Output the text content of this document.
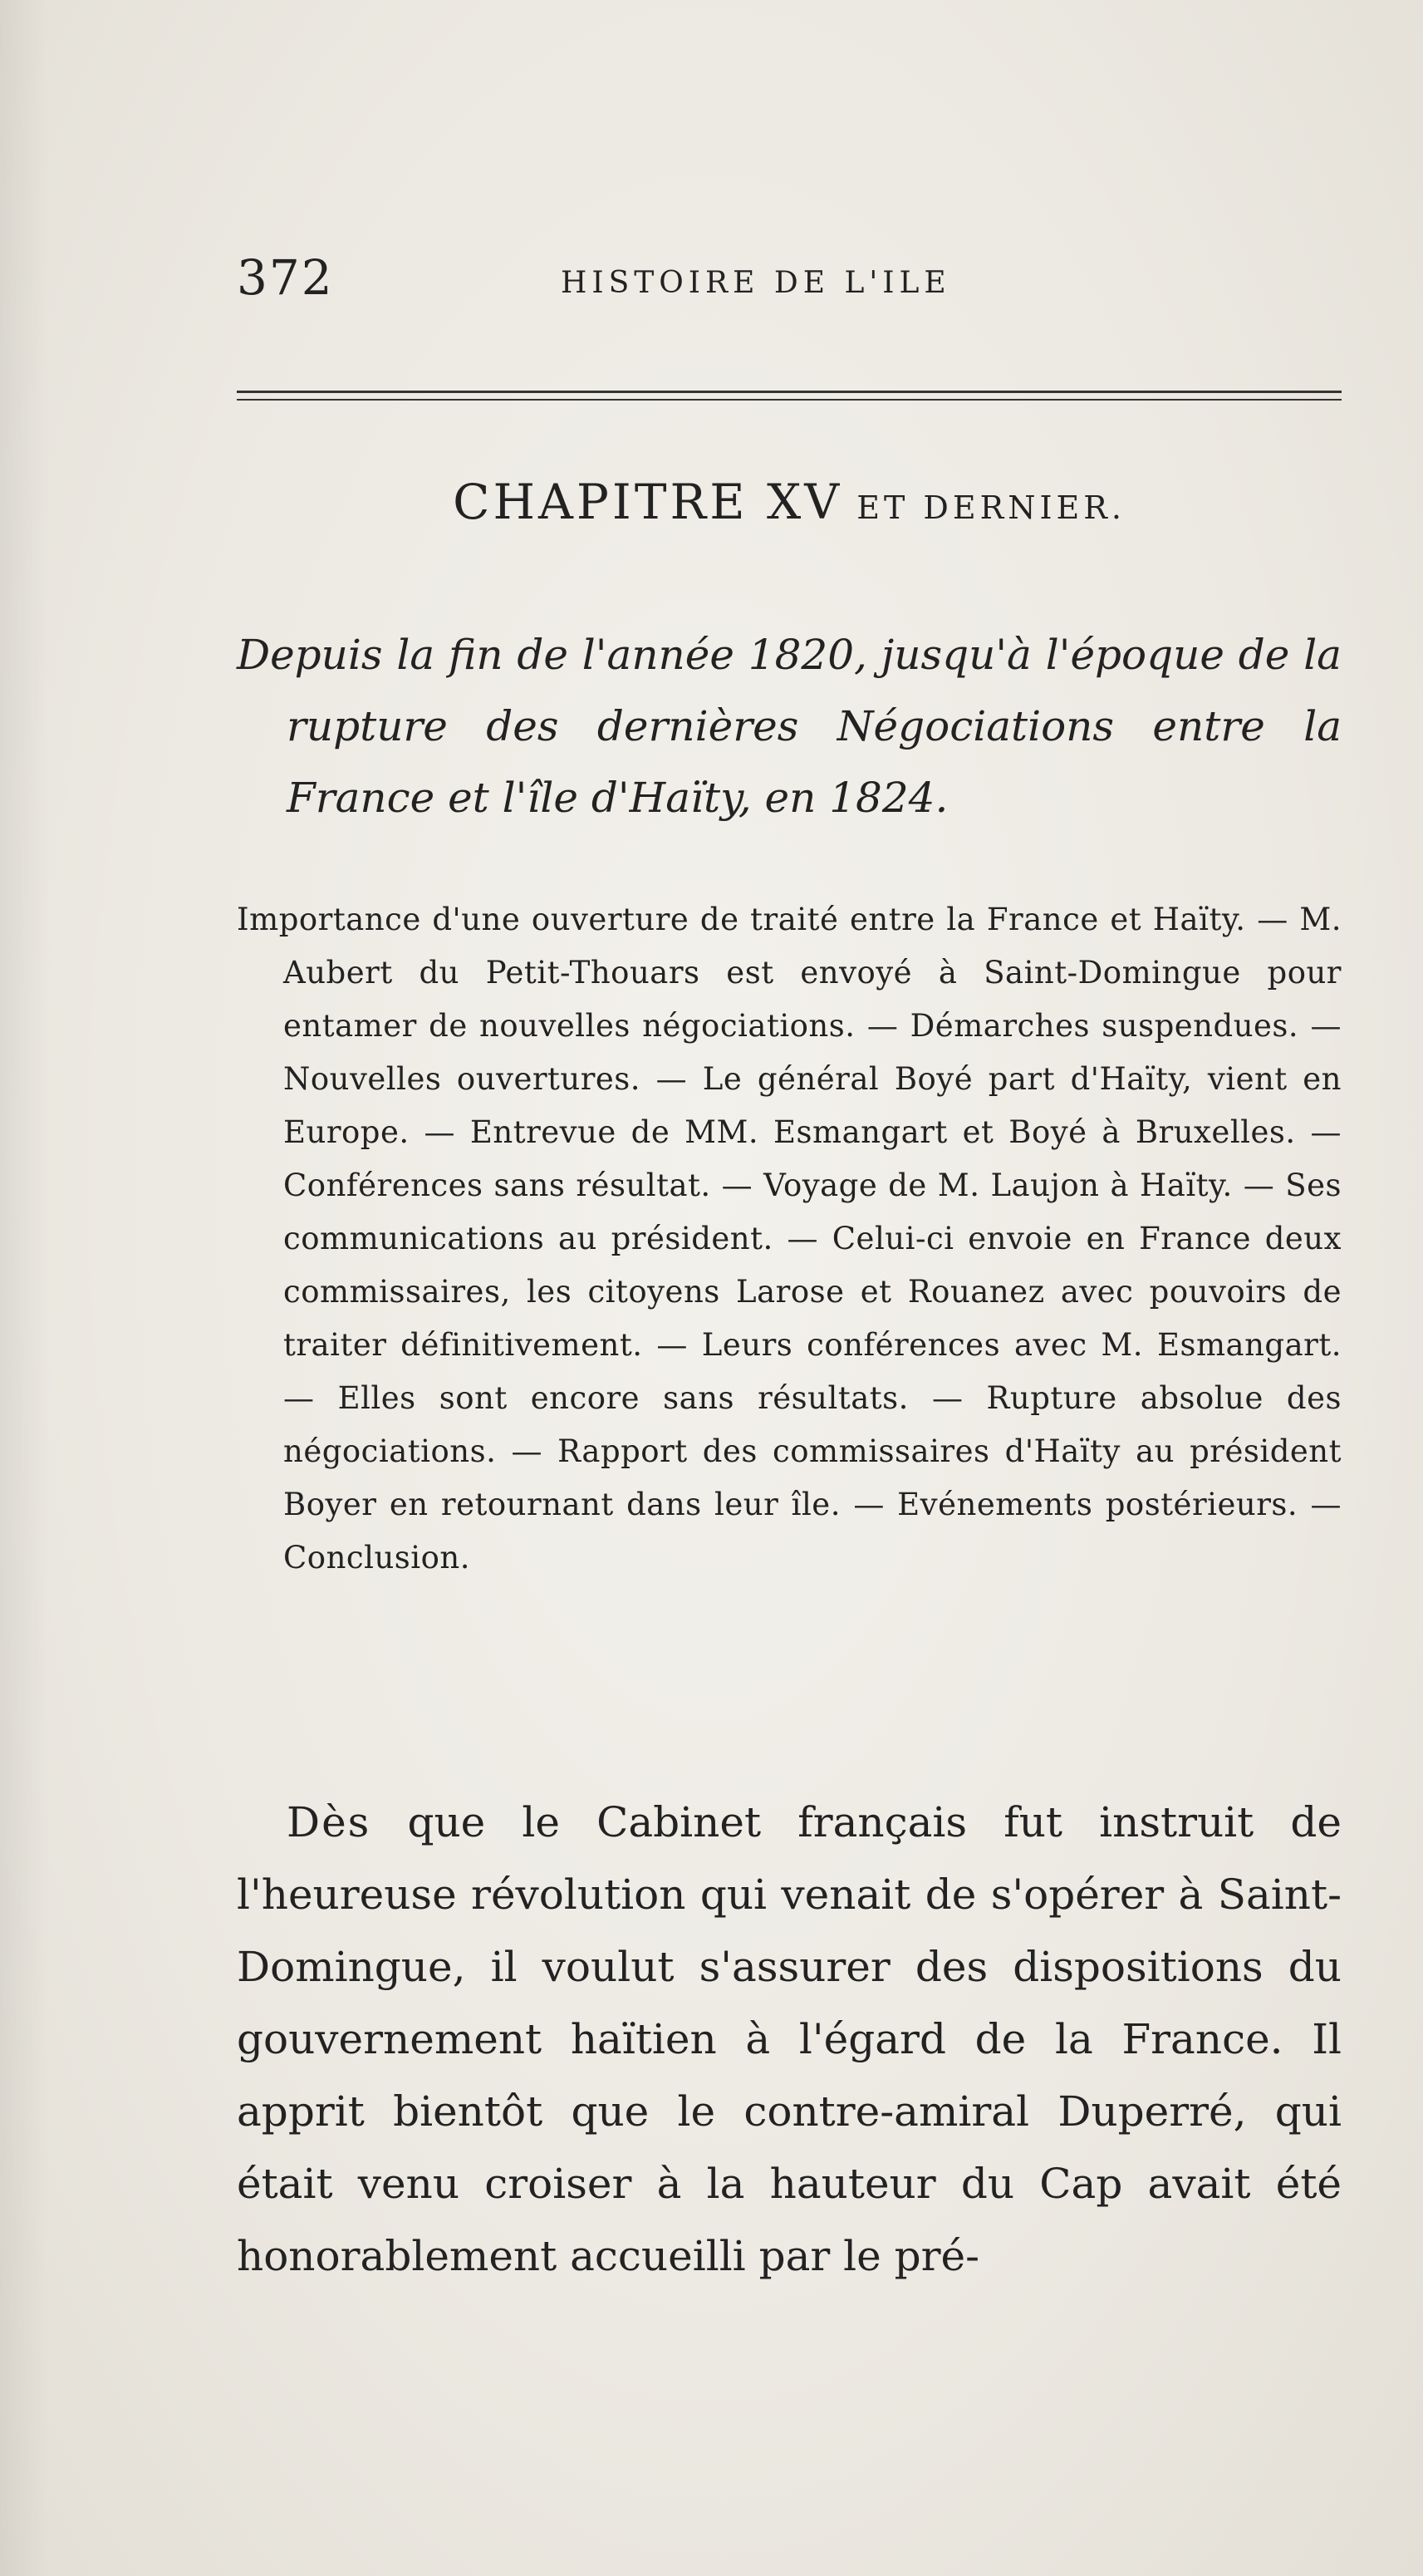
372	HISTOIRE DE L'ILE
CHAPITRE XV ET DERNIER.
Depuis la fin de l'année 1820, jusqu'à l'époque de la rupture des dernières Négociations entre la France et l'île d'Haïty, en 1824.
Importance d'une ouverture de traité entre la France et Haïty. — M. Aubert du Petit-Thouars est envoyé à Saint-Domingue pour entamer de nouvelles négociations. — Démarches suspendues. — Nouvelles ouvertures. — Le général Boyé part d'Haïty, vient en Europe. — Entrevue de MM. Esmangart et Boyé à Bruxelles. — Conférences sans résultat. — Voyage de M. Laujon à Haïty. — Ses communications au président. — Celui-ci envoie en France deux commissaires, les citoyens Larose et Rouanez avec pouvoirs de traiter définitivement. — Leurs conférences avec M. Esmangart. — Elles sont encore sans résultats. — Rupture absolue des négociations. — Rapport des commissaires d'Haïty au président Boyer en retournant dans leur île. — Evénements postérieurs. — Conclusion.
Dès que le Cabinet français fut instruit de l'heureuse révolution qui venait de s'opérer à Saint-Domingue, il voulut s'assurer des dispositions du gouvernement haïtien à l'égard de la France. Il apprit bientôt que le contre-amiral Duperré, qui était venu croiser à la hauteur du Cap avait été honorablement accueilli par le pré-
